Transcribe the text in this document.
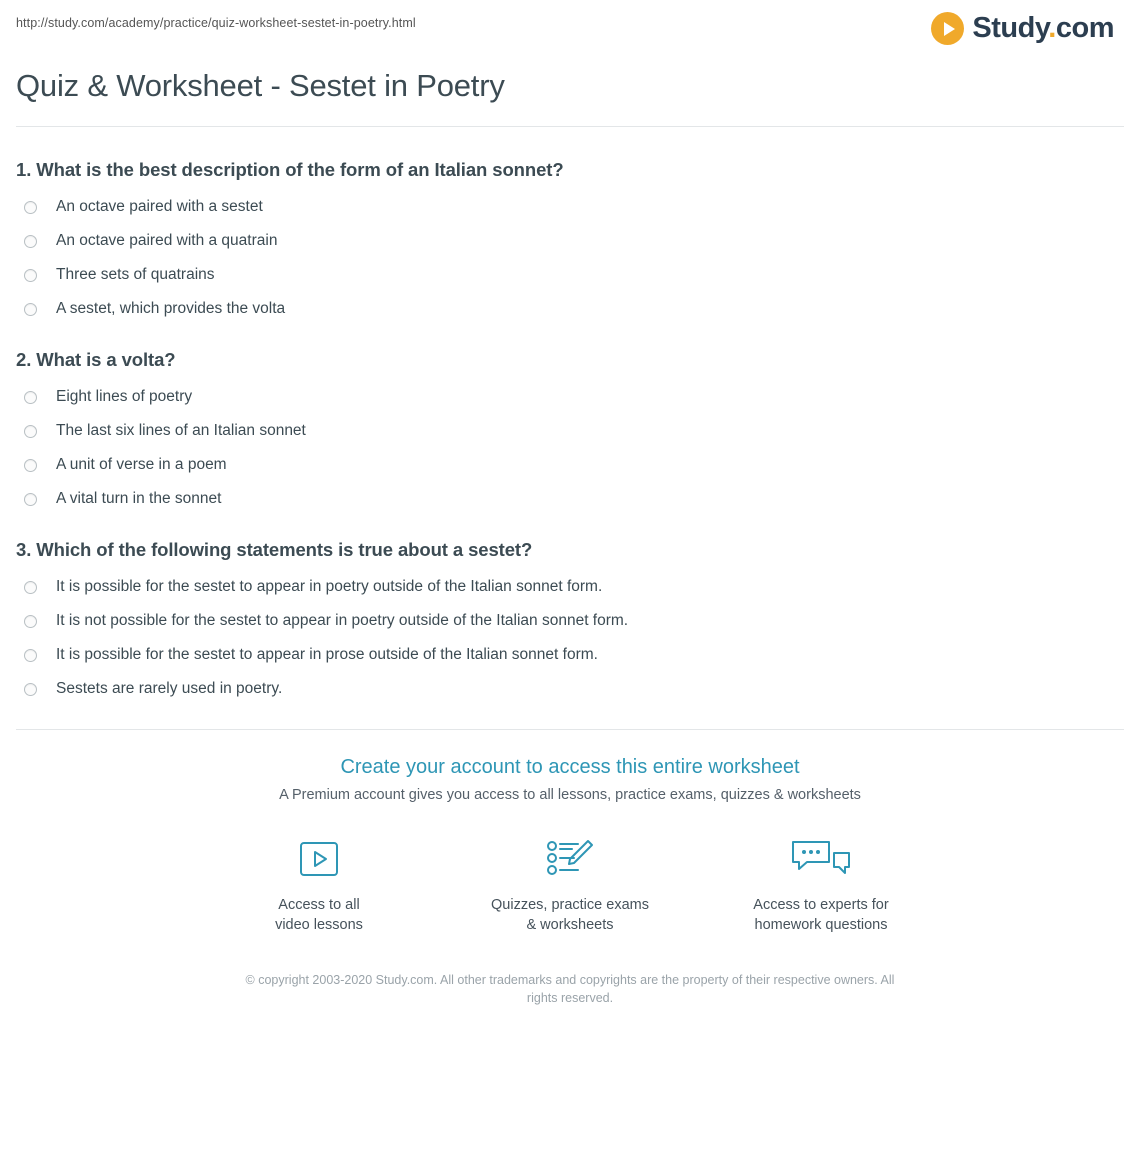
http://study.com/academy/practice/quiz-worksheet-sestet-in-poetry.html	Study.com
Quiz & Worksheet - Sestet in Poetry
1. What is the best description of the form of an Italian sonnet?
An octave paired with a sestet
An octave paired with a quatrain
Three sets of quatrains
A sestet, which provides the volta
2. What is a volta?
Eight lines of poetry
The last six lines of an Italian sonnet
A unit of verse in a poem
A vital turn in the sonnet
3. Which of the following statements is true about a sestet?
It is possible for the sestet to appear in poetry outside of the Italian sonnet form.
It is not possible for the sestet to appear in poetry outside of the Italian sonnet form.
It is possible for the sestet to appear in prose outside of the Italian sonnet form.
Sestets are rarely used in poetry.
Create your account to access this entire worksheet
A Premium account gives you access to all lessons, practice exams, quizzes & worksheets
Access to all
video lessons
Quizzes, practice exams
& worksheets
Access to experts for
homework questions
© copyright 2003-2020 Study.com. All other trademarks and copyrights are the property of their respective owners. All rights reserved.
